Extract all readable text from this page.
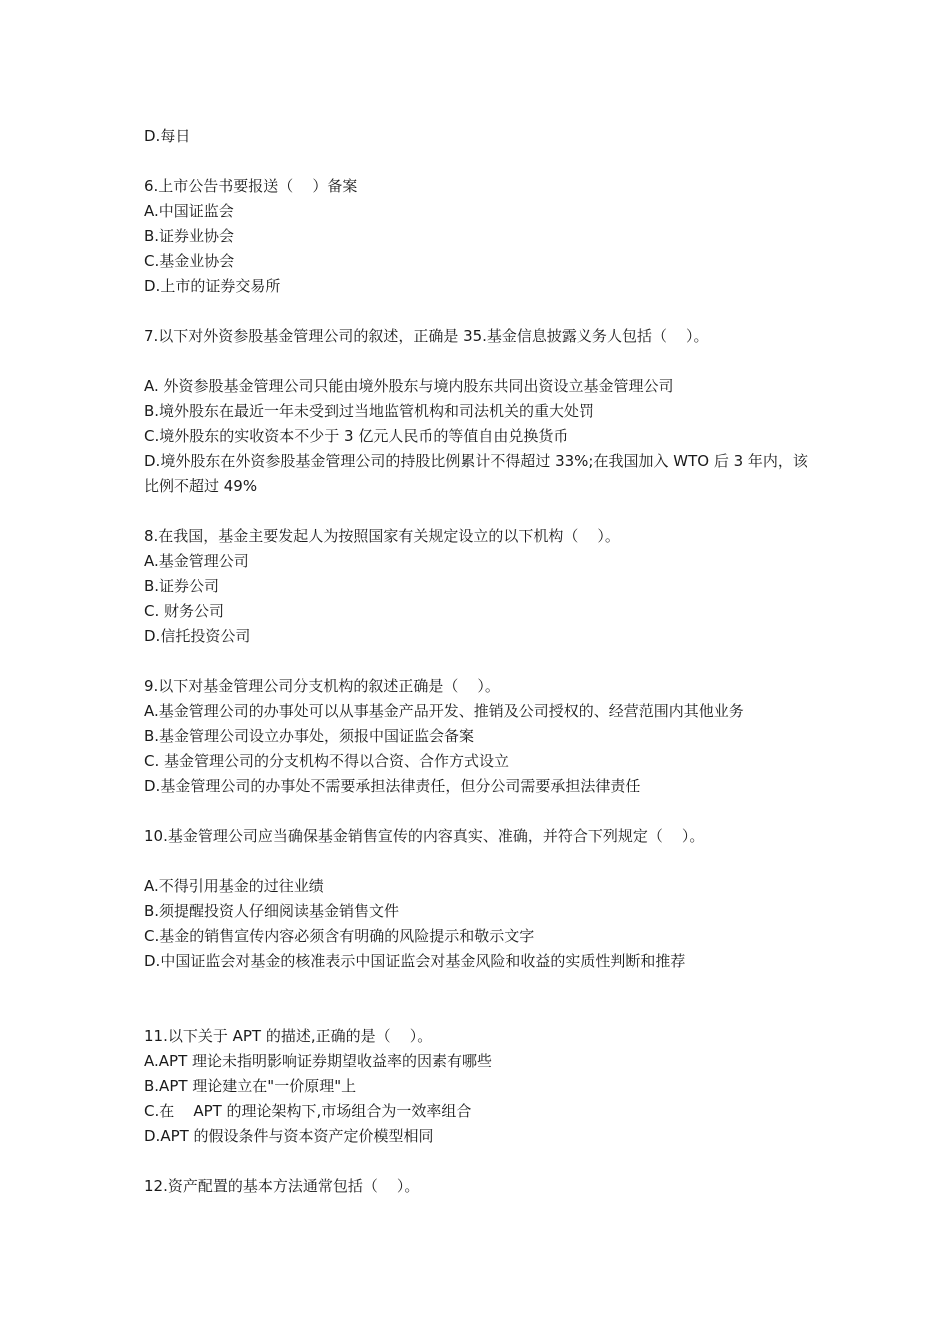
D.每日
6.上市公告书要报送（    ）备案
A.中国证监会
B.证券业协会
C.基金业协会
D.上市的证券交易所
7.以下对外资参股基金管理公司的叙述，正确是 35.基金信息披露义务人包括（    ）。
A. 外资参股基金管理公司只能由境外股东与境内股东共同出资设立基金管理公司
B.境外股东在最近一年未受到过当地监管机构和司法机关的重大处罚
C.境外股东的实收资本不少于 3 亿元人民币的等值自由兑换货币
D.境外股东在外资参股基金管理公司的持股比例累计不得超过 33%;在我国加入 WTO 后 3 年内，该比例不超过 49%
8.在我国，基金主要发起人为按照国家有关规定设立的以下机构（    ）。
A.基金管理公司
B.证券公司
C. 财务公司
D.信托投资公司
9.以下对基金管理公司分支机构的叙述正确是（    ）。
A.基金管理公司的办事处可以从事基金产品开发、推销及公司授权的、经营范围内其他业务
B.基金管理公司设立办事处，须报中国证监会备案
C. 基金管理公司的分支机构不得以合资、合作方式设立
D.基金管理公司的办事处不需要承担法律责任，但分公司需要承担法律责任
10.基金管理公司应当确保基金销售宣传的内容真实、准确，并符合下列规定（    ）。
A.不得引用基金的过往业绩
B.须提醒投资人仔细阅读基金销售文件
C.基金的销售宣传内容必须含有明确的风险提示和敬示文字
D.中国证监会对基金的核准表示中国证监会对基金风险和收益的实质性判断和推荐
11.以下关于 APT 的描述,正确的是（    ）。
A.APT 理论未指明影响证券期望收益率的因素有哪些
B.APT 理论建立在"一价原理"上
C.在    APT 的理论架构下,市场组合为一效率组合
D.APT 的假设条件与资本资产定价模型相同
12.资产配置的基本方法通常包括（    ）。
